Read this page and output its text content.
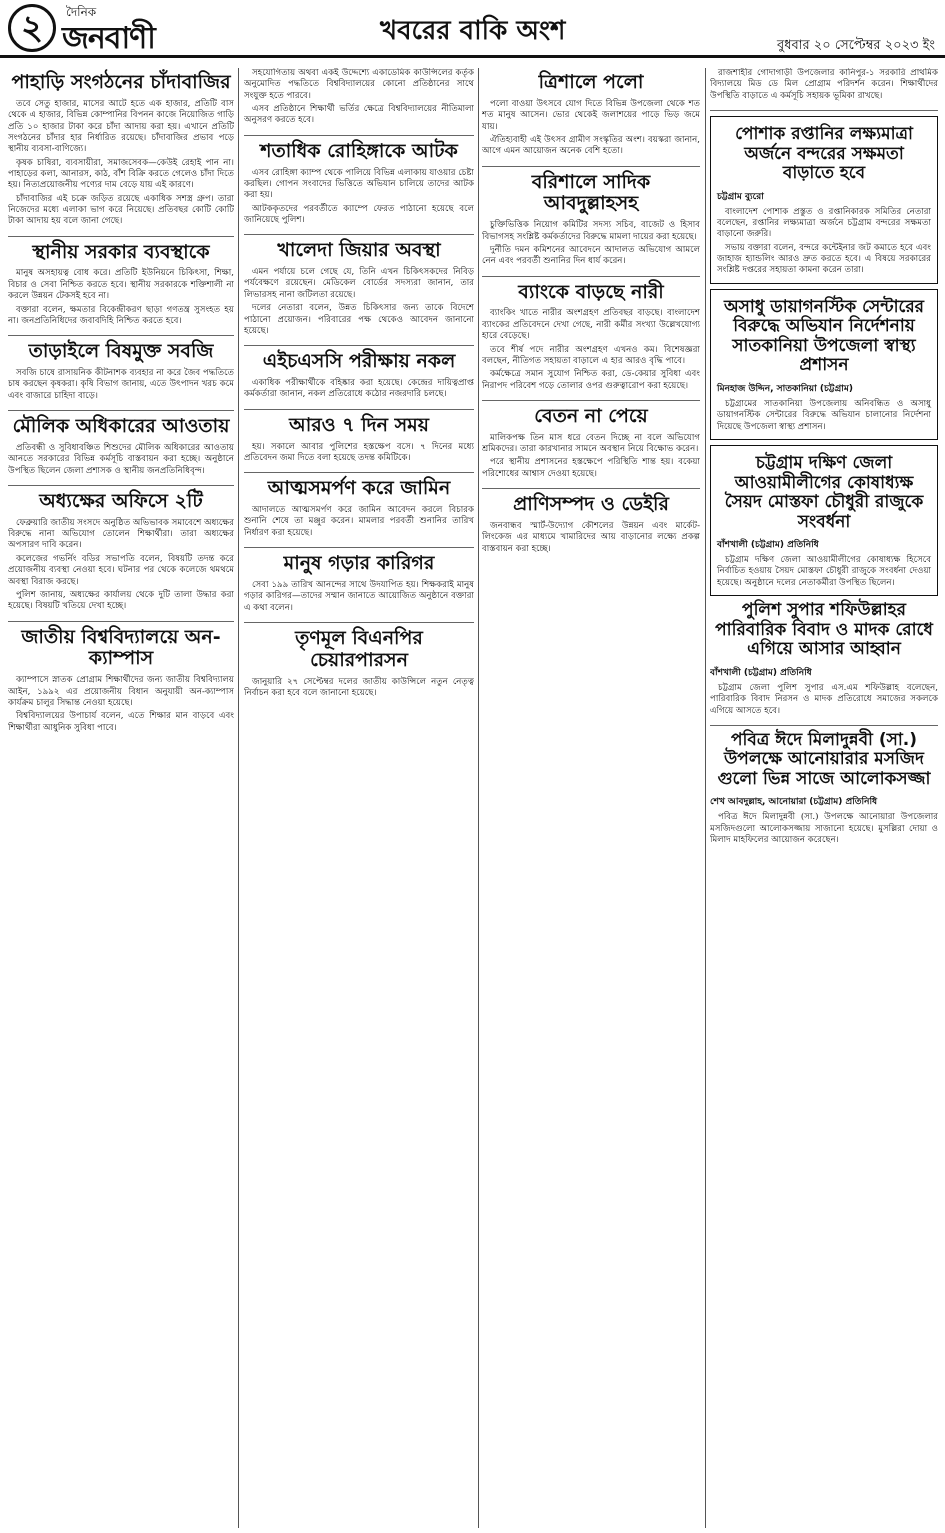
২	দৈনিক
জনবাণী	খবরের বাকি অংশ	বুধবার ২০ সেপ্টেম্বর ২০২৩ ইং
পাহাড়ি সংগঠনের চাঁদাবাজির

তবে সেতু হাজার, মাসের আটে হতে এক হাজার, প্রতিটি বাস থেকে এ হাজার, বিভিন্ন কোম্পানির বিপনন কাজে নিয়োজিত গাড়ি প্রতি ১০ হাজার টাকা করে চাঁদা আদায় করা হয়। এখানে প্রতিটি সংগঠনের চাঁদার হার নির্ধারিত রয়েছে। চাঁদাবাজির প্রভাব পড়ে স্থানীয় ব্যবসা-বাণিজ্যে।

কৃষক চাষিরা, ব্যবসায়ীরা, সমাজসেবক—কেউই রেহাই পান না। পাহাড়ের কলা, আনারস, কাঠ, বাঁশ বিক্রি করতে গেলেও চাঁদা দিতে হয়। নিত্যপ্রয়োজনীয় পণ্যের দাম বেড়ে যায় এই কারণে।

চাঁদাবাজির এই চক্রে জড়িত রয়েছে একাধিক সশস্ত্র গ্রুপ। তারা নিজেদের মধ্যে এলাকা ভাগ করে নিয়েছে। প্রতিবছর কোটি কোটি টাকা আদায় হয় বলে জানা গেছে।

স্থানীয় সরকার ব্যবস্থাকে

মানুষ অসহায়ত্ব বোধ করে। প্রতিটি ইউনিয়নে চিকিৎসা, শিক্ষা, বিচার ও সেবা নিশ্চিত করতে হবে। স্থানীয় সরকারকে শক্তিশালী না করলে উন্নয়ন টেকসই হবে না।

বক্তারা বলেন, ক্ষমতার বিকেন্দ্রীকরণ ছাড়া গণতন্ত্র সুসংহত হয় না। জনপ্রতিনিধিদের জবাবদিহি নিশ্চিত করতে হবে।

তাড়াইলে বিষমুক্ত সবজি

সবজি চাষে রাসায়নিক কীটনাশক ব্যবহার না করে জৈব পদ্ধতিতে চাষ করছেন কৃষকরা। কৃষি বিভাগ জানায়, এতে উৎপাদন খরচ কমে এবং বাজারে চাহিদা বাড়ে।

মৌলিক অধিকারের আওতায়

প্রতিবন্ধী ও সুবিধাবঞ্চিত শিশুদের মৌলিক অধিকারের আওতায় আনতে সরকারের বিভিন্ন কর্মসূচি বাস্তবায়ন করা হচ্ছে। অনুষ্ঠানে উপস্থিত ছিলেন জেলা প্রশাসক ও স্থানীয় জনপ্রতিনিধিবৃন্দ।

অধ্যক্ষের অফিসে ২টি

ফেব্রুয়ারি জাতীয় সংসদে অনুষ্ঠিত অভিভাবক সমাবেশে অধ্যক্ষের বিরুদ্ধে নানা অভিযোগ তোলেন শিক্ষার্থীরা। তারা অধ্যক্ষের অপসারণ দাবি করেন।

কলেজের গভর্নিং বডির সভাপতি বলেন, বিষয়টি তদন্ত করে প্রয়োজনীয় ব্যবস্থা নেওয়া হবে। ঘটনার পর থেকে কলেজে থমথমে অবস্থা বিরাজ করছে।

পুলিশ জানায়, অধ্যক্ষের কার্যালয় থেকে দুটি তালা উদ্ধার করা হয়েছে। বিষয়টি খতিয়ে দেখা হচ্ছে।

জাতীয় বিশ্ববিদ্যালয়ে অন-ক্যাম্পাস

ক্যাম্পাসে স্নাতক প্রোগ্রাম শিক্ষার্থীদের জন্য জাতীয় বিশ্ববিদ্যালয় আইন, ১৯৯২ এর প্রয়োজনীয় বিধান অনুযায়ী অন-ক্যাম্পাস কার্যক্রম চালুর সিদ্ধান্ত নেওয়া হয়েছে।

বিশ্ববিদ্যালয়ের উপাচার্য বলেন, এতে শিক্ষার মান বাড়বে এবং শিক্ষার্থীরা আধুনিক সুবিধা পাবে।

সহযোগিতায় অথবা একই উদ্দেশ্যে একাডেমিক কাউন্সিলের কর্তৃক অনুমোদিত পদ্ধতিতে বিশ্ববিদ্যালয়ের কোনো প্রতিষ্ঠানের সাথে সংযুক্ত হতে পারবে।

এসব প্রতিষ্ঠানে শিক্ষার্থী ভর্তির ক্ষেত্রে বিশ্ববিদ্যালয়ের নীতিমালা অনুসরণ করতে হবে।

শতাধিক রোহিঙ্গাকে আটক

এসব রোহিঙ্গা ক্যাম্প থেকে পালিয়ে বিভিন্ন এলাকায় যাওয়ার চেষ্টা করছিল। গোপন সংবাদের ভিত্তিতে অভিযান চালিয়ে তাদের আটক করা হয়।

আটককৃতদের পরবর্তীতে ক্যাম্পে ফেরত পাঠানো হয়েছে বলে জানিয়েছে পুলিশ।

খালেদা জিয়ার অবস্থা

এমন পর্যায়ে চলে গেছে যে, তিনি এখন চিকিৎসকদের নিবিড় পর্যবেক্ষণে রয়েছেন। মেডিকেল বোর্ডের সদস্যরা জানান, তার লিভারসহ নানা জটিলতা রয়েছে।

দলের নেতারা বলেন, উন্নত চিকিৎসার জন্য তাকে বিদেশে পাঠানো প্রয়োজন। পরিবারের পক্ষ থেকেও আবেদন জানানো হয়েছে।

এইচএসসি পরীক্ষায় নকল

একাধিক পরীক্ষার্থীকে বহিষ্কার করা হয়েছে। কেন্দ্রের দায়িত্বপ্রাপ্ত কর্মকর্তারা জানান, নকল প্রতিরোধে কঠোর নজরদারি চলছে।

আরও ৭ দিন সময়

হয়। সকালে আবার পুলিশের হস্তক্ষেপ বসে। ৭ দিনের মধ্যে প্রতিবেদন জমা দিতে বলা হয়েছে তদন্ত কমিটিকে।

আত্মসমর্পণ করে জামিন

আদালতে আত্মসমর্পণ করে জামিন আবেদন করলে বিচারক শুনানি শেষে তা মঞ্জুর করেন। মামলার পরবর্তী শুনানির তারিখ নির্ধারণ করা হয়েছে।

মানুষ গড়ার কারিগর

সেবা ১৯৯ তারিখ আনন্দের সাথে উদযাপিত হয়। শিক্ষকরাই মানুষ গড়ার কারিগর—তাদের সম্মান জানাতে আয়োজিত অনুষ্ঠানে বক্তারা এ কথা বলেন।

তৃণমূল বিএনপির চেয়ারপারসন

জানুয়ারি ২৭ সেপ্টেম্বর দলের জাতীয় কাউন্সিলে নতুন নেতৃত্ব নির্বাচন করা হবে বলে জানানো হয়েছে।

ত্রিশালে পলো

পলো বাওয়া উৎসবে যোগ দিতে বিভিন্ন উপজেলা থেকে শত শত মানুষ আসেন। ভোর থেকেই জলাশয়ের পাড়ে ভিড় জমে যায়।

ঐতিহ্যবাহী এই উৎসব গ্রামীণ সংস্কৃতির অংশ। বয়স্করা জানান, আগে এমন আয়োজন অনেক বেশি হতো।

বরিশালে সাদিক আবদুল্লাহসহ

চুক্তিভিত্তিক নিয়োগ কমিটির সদস্য সচিব, বাজেট ও হিসাব বিভাগসহ সংশ্লিষ্ট কর্মকর্তাদের বিরুদ্ধে মামলা দায়ের করা হয়েছে।

দুর্নীতি দমন কমিশনের আবেদনে আদালত অভিযোগ আমলে নেন এবং পরবর্তী শুনানির দিন ধার্য করেন।

ব্যাংকে বাড়ছে নারী

ব্যাংকিং খাতে নারীর অংশগ্রহণ প্রতিবছর বাড়ছে। বাংলাদেশ ব্যাংকের প্রতিবেদনে দেখা গেছে, নারী কর্মীর সংখ্যা উল্লেখযোগ্য হারে বেড়েছে।

তবে শীর্ষ পদে নারীর অংশগ্রহণ এখনও কম। বিশেষজ্ঞরা বলছেন, নীতিগত সহায়তা বাড়ালে এ হার আরও বৃদ্ধি পাবে।

কর্মক্ষেত্রে সমান সুযোগ নিশ্চিত করা, ডে-কেয়ার সুবিধা এবং নিরাপদ পরিবেশ গড়ে তোলার ওপর গুরুত্বারোপ করা হয়েছে।

বেতন না পেয়ে

মালিকপক্ষ তিন মাস ধরে বেতন দিচ্ছে না বলে অভিযোগ শ্রমিকদের। তারা কারখানার সামনে অবস্থান নিয়ে বিক্ষোভ করেন।

পরে স্থানীয় প্রশাসনের হস্তক্ষেপে পরিস্থিতি শান্ত হয়। বকেয়া পরিশোধের আশ্বাস দেওয়া হয়েছে।

প্রাণিসম্পদ ও ডেইরি

জনবান্ধব স্মার্ট-উদ্যোগ কৌশলের উন্নয়ন এবং মার্কেট-লিংকেজ এর মাধ্যমে খামারিদের আয় বাড়ানোর লক্ষ্যে প্রকল্প বাস্তবায়ন করা হচ্ছে।

রাজশাহীর গোদাগাড়ী উপজেলার কানিপুর-১ সরকারি প্রাথমিক বিদ্যালয়ে মিড ডে মিল প্রোগ্রাম পরিদর্শন করেন। শিক্ষার্থীদের উপস্থিতি বাড়াতে এ কর্মসূচি সহায়ক ভূমিকা রাখছে।

পোশাক রপ্তানির লক্ষ্যমাত্রা অর্জনে বন্দরের সক্ষমতা বাড়াতে হবে
চট্টগ্রাম ব্যুরো

বাংলাদেশ পোশাক প্রস্তুত ও রপ্তানিকারক সমিতির নেতারা বলেছেন, রপ্তানির লক্ষ্যমাত্রা অর্জনে চট্টগ্রাম বন্দরের সক্ষমতা বাড়ানো জরুরি।

সভায় বক্তারা বলেন, বন্দরে কন্টেইনার জট কমাতে হবে এবং জাহাজ হ্যান্ডলিং আরও দ্রুত করতে হবে। এ বিষয়ে সরকারের সংশ্লিষ্ট দপ্তরের সহায়তা কামনা করেন তারা।

অসাধু ডায়াগনস্টিক সেন্টারের বিরুদ্ধে অভিযান নির্দেশনায় সাতকানিয়া উপজেলা স্বাস্থ্য প্রশাসন
মিনহাজ উদ্দিন, সাতকানিয়া (চট্টগ্রাম)

চট্টগ্রামের সাতকানিয়া উপজেলায় অনিবন্ধিত ও অসাধু ডায়াগনস্টিক সেন্টারের বিরুদ্ধে অভিযান চালানোর নির্দেশনা দিয়েছে উপজেলা স্বাস্থ্য প্রশাসন।

চট্টগ্রাম দক্ষিণ জেলা আওয়ামীলীগের কোষাধ্যক্ষ সৈয়দ মোস্তফা চৌধুরী রাজুকে সংবর্ধনা
বাঁশখালী (চট্টগ্রাম) প্রতিনিধি

চট্টগ্রাম দক্ষিণ জেলা আওয়ামীলীগের কোষাধ্যক্ষ হিসেবে নির্বাচিত হওয়ায় সৈয়দ মোস্তফা চৌধুরী রাজুকে সংবর্ধনা দেওয়া হয়েছে। অনুষ্ঠানে দলের নেতাকর্মীরা উপস্থিত ছিলেন।

পুলিশ সুপার শফিউল্লাহর পারিবারিক বিবাদ ও মাদক রোধে এগিয়ে আসার আহ্বান
বাঁশখালী (চট্টগ্রাম) প্রতিনিধি

চট্টগ্রাম জেলা পুলিশ সুপার এস.এম শফিউল্লাহ বলেছেন, পারিবারিক বিবাদ নিরসন ও মাদক প্রতিরোধে সমাজের সকলকে এগিয়ে আসতে হবে।

পবিত্র ঈদে মিলাদুন্নবী (সা.) উপলক্ষে আনোয়ারার মসজিদ গুলো ভিন্ন সাজে আলোকসজ্জা
শেখ আবদুল্লাহ, আনোয়ারা (চট্টগ্রাম) প্রতিনিধি

পবিত্র ঈদে মিলাদুন্নবী (সা.) উপলক্ষে আনোয়ারা উপজেলার মসজিদগুলো আলোকসজ্জায় সাজানো হয়েছে। মুসল্লিরা দোয়া ও মিলাদ মাহফিলের আয়োজন করেছেন।
